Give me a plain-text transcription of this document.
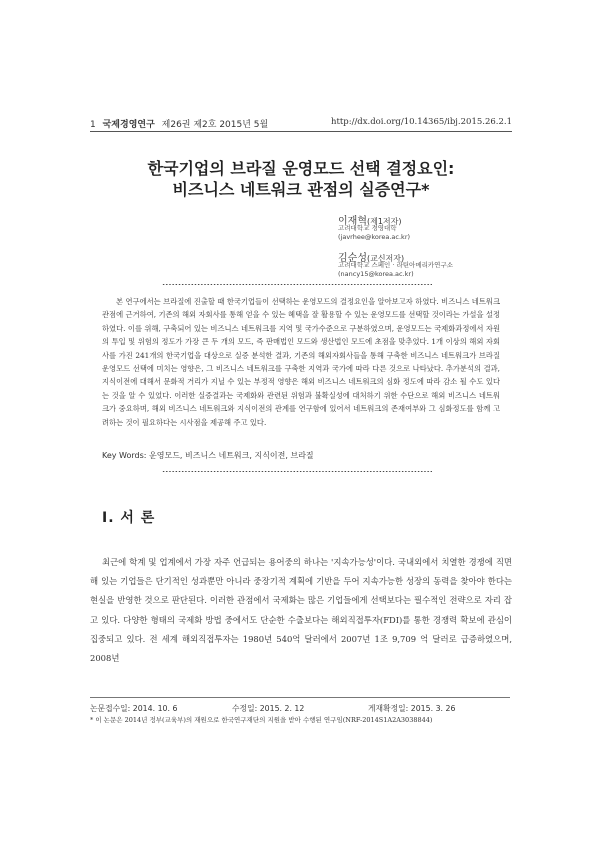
1 국제경영연구 제26권 제2호 2015년 5월	http://dx.doi.org/10.14365/ibj.2015.26.2.1
한국기업의 브라질 운영모드 선택 결정요인:
비즈니스 네트워크 관점의 실증연구*
이재혁(제1저자)
고려대학교 경영대학
(javrhee@korea.ac.kr)
김순성(교신저자)
고려대학교 스페인 · 라틴아메리카연구소
(nancy15@korea.ac.kr)

본 연구에서는 브라질에 진출할 때 한국기업들이 선택하는 운영모드의 결정요인을 알아보고자 하였다. 비즈니스 네트워크 관점에 근거하여, 기존의 해외 자회사를 통해 얻을 수 있는 혜택을 잘 활용할 수 있는 운영모드를 선택할 것이라는 가설을 설정하였다. 이를 위해, 구축되어 있는 비즈니스 네트워크를 지역 및 국가수준으로 구분하였으며, 운영모드는 국제화과정에서 자원의 투입 및 위험의 정도가 가장 큰 두 개의 모드, 즉 판매법인 모드와 생산법인 모드에 초점을 맞추었다. 1개 이상의 해외 자회사를 가진 241개의 한국기업을 대상으로 실증 분석한 결과, 기존의 해외자회사들을 통해 구축한 비즈니스 네트워크가 브라질 운영모드 선택에 미치는 영향은, 그 비즈니스 네트워크를 구축한 지역과 국가에 따라 다른 것으로 나타났다. 추가분석의 결과, 지식이전에 대해서 문화적 거리가 지닐 수 있는 부정적 영향은 해외 비즈니스 네트워크의 심화 정도에 따라 감소 될 수도 있다는 것을 알 수 있었다. 이러한 실증결과는 국제화와 관련된 위험과 불확실성에 대처하기 위한 수단으로 해외 비즈니스 네트워크가 중요하며, 해외 비즈니스 네트워크와 지식이전의 관계를 연구함에 있어서 네트워크의 존재여부와 그 심화정도를 함께 고려하는 것이 필요하다는 시사점을 제공해 주고 있다.

Key Words: 운영모드, 비즈니스 네트워크, 지식이전, 브라질
Ⅰ. 서 론

최근에 학계 및 업계에서 가장 자주 언급되는 용어중의 하나는 '지속가능성'이다. 국내외에서 치열한 경쟁에 직면해 있는 기업들은 단기적인 성과뿐만 아니라 중장기적 계획에 기반을 두어 지속가능한 성장의 동력을 찾아야 한다는 현실을 반영한 것으로 판단된다. 이러한 관점에서 국제화는 많은 기업들에게 선택보다는 필수적인 전략으로 자리 잡고 있다. 다양한 형태의 국제화 방법 중에서도 단순한 수출보다는 해외직접투자(FDI)를 통한 경쟁력 확보에 관심이 집중되고 있다. 전 세계 해외직접투자는 1980년 540억 달러에서 2007년 1조 9,709 억 달러로 급증하였으며, 2008년

논문접수일: 2014. 10. 6	수정일: 2015. 2. 12	게재확정일: 2015. 3. 26
* 이 논문은 2014년 정부(교육부)의 재원으로 한국연구재단의 지원을 받아 수행된 연구임(NRF-2014S1A2A3038844)
